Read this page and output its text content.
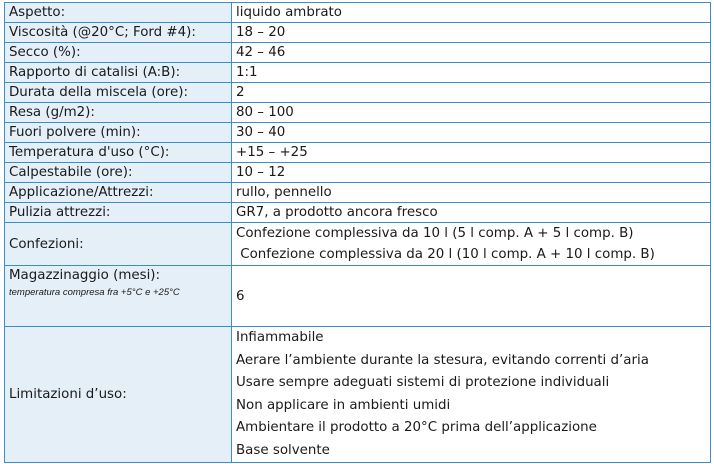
Aspetto:	liquido ambrato
Viscosità (@20°C; Ford #4):	18 – 20
Secco (%):	42 – 46
Rapporto di catalisi (A:B):	1:1
Durata della miscela (ore):	2
Resa (g/m2):	80 – 100
Fuori polvere (min):	30 – 40
Temperatura d'uso (°C):	+15 – +25
Calpestabile (ore):	10 – 12
Applicazione/Attrezzi:	rullo, pennello
Pulizia attrezzi:	GR7, a prodotto ancora fresco
Confezioni:	Confezione complessiva da 10 l (5 l comp. A + 5 l comp. B)
Confezione complessiva da 20 l (10 l comp. A + 10 l comp. B)

Magazzinaggio (mesi):
temperatura compresa fra +5°C e +25°C	6
Limitazioni d’uso:	
Infiammabile
Aerare l’ambiente durante la stesura, evitando correnti d’aria
Usare sempre adeguati sistemi di protezione individuali
Non applicare in ambienti umidi
Ambientare il prodotto a 20°C prima dell’applicazione
Base solvente
